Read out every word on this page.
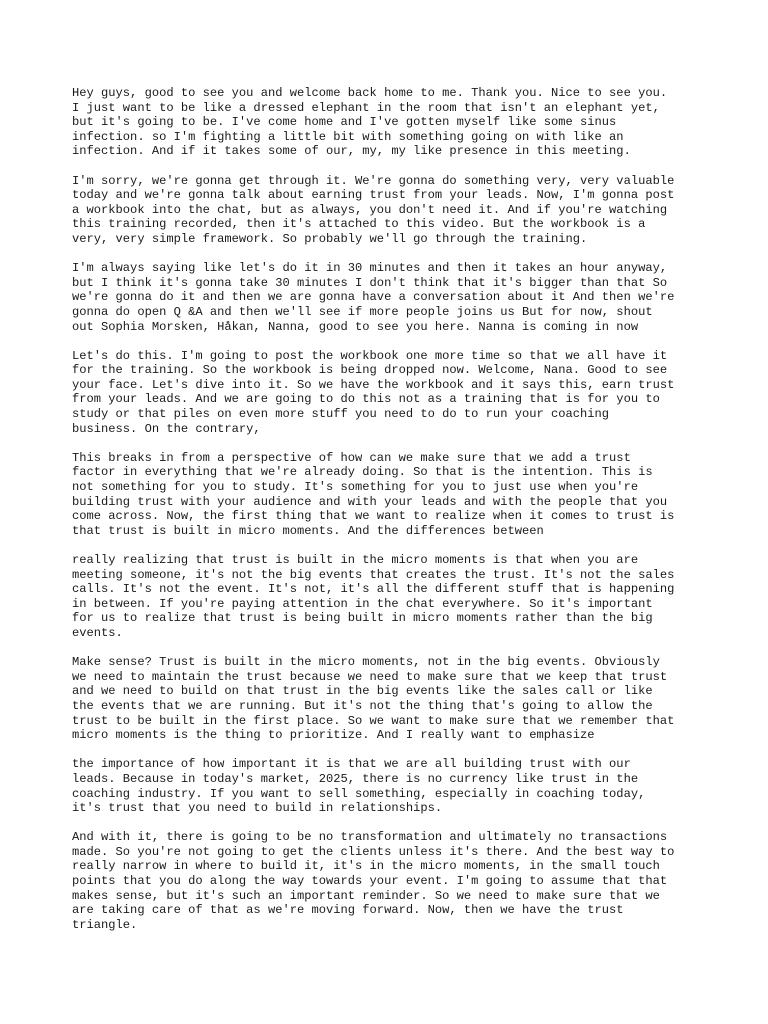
Hey guys, good to see you and welcome back home to me. Thank you. Nice to see you.
I just want to be like a dressed elephant in the room that isn't an elephant yet,
but it's going to be. I've come home and I've gotten myself like some sinus
infection. so I'm fighting a little bit with something going on with like an
infection. And if it takes some of our, my, my like presence in this meeting.

I'm sorry, we're gonna get through it. We're gonna do something very, very valuable
today and we're gonna talk about earning trust from your leads. Now, I'm gonna post
a workbook into the chat, but as always, you don't need it. And if you're watching
this training recorded, then it's attached to this video. But the workbook is a
very, very simple framework. So probably we'll go through the training.

I'm always saying like let's do it in 30 minutes and then it takes an hour anyway,
but I think it's gonna take 30 minutes I don't think that it's bigger than that So
we're gonna do it and then we are gonna have a conversation about it And then we're
gonna do open Q &A and then we'll see if more people joins us But for now, shout
out Sophia Morsken, Håkan, Nanna, good to see you here. Nanna is coming in now

Let's do this. I'm going to post the workbook one more time so that we all have it
for the training. So the workbook is being dropped now. Welcome, Nana. Good to see
your face. Let's dive into it. So we have the workbook and it says this, earn trust
from your leads. And we are going to do this not as a training that is for you to
study or that piles on even more stuff you need to do to run your coaching
business. On the contrary,

This breaks in from a perspective of how can we make sure that we add a trust
factor in everything that we're already doing. So that is the intention. This is
not something for you to study. It's something for you to just use when you're
building trust with your audience and with your leads and with the people that you
come across. Now, the first thing that we want to realize when it comes to trust is
that trust is built in micro moments. And the differences between

really realizing that trust is built in the micro moments is that when you are
meeting someone, it's not the big events that creates the trust. It's not the sales
calls. It's not the event. It's not, it's all the different stuff that is happening
in between. If you're paying attention in the chat everywhere. So it's important
for us to realize that trust is being built in micro moments rather than the big
events.

Make sense? Trust is built in the micro moments, not in the big events. Obviously
we need to maintain the trust because we need to make sure that we keep that trust
and we need to build on that trust in the big events like the sales call or like
the events that we are running. But it's not the thing that's going to allow the
trust to be built in the first place. So we want to make sure that we remember that
micro moments is the thing to prioritize. And I really want to emphasize

the importance of how important it is that we are all building trust with our
leads. Because in today's market, 2025, there is no currency like trust in the
coaching industry. If you want to sell something, especially in coaching today,
it's trust that you need to build in relationships.

And with it, there is going to be no transformation and ultimately no transactions
made. So you're not going to get the clients unless it's there. And the best way to
really narrow in where to build it, it's in the micro moments, in the small touch
points that you do along the way towards your event. I'm going to assume that that
makes sense, but it's such an important reminder. So we need to make sure that we
are taking care of that as we're moving forward. Now, then we have the trust
triangle.
